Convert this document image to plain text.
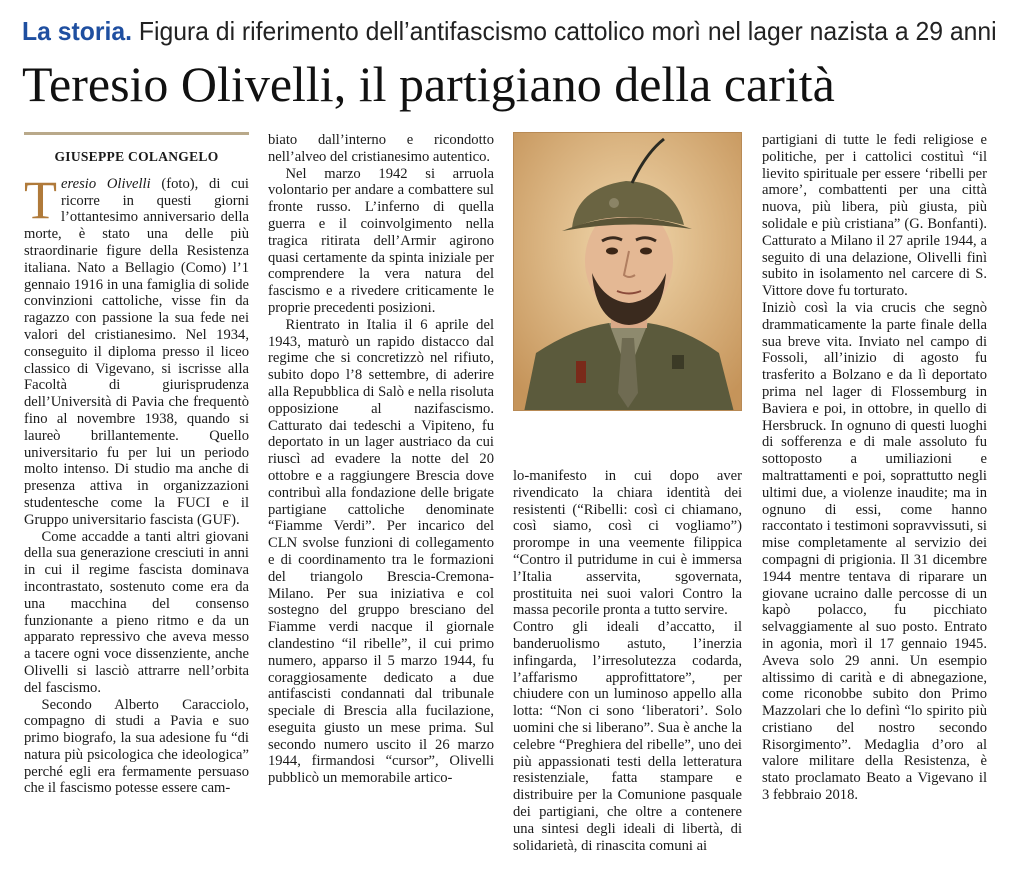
La storia. Figura di riferimento dell’antifascismo cattolico morì nel lager nazista a 29 anni
Teresio Olivelli, il partigiano della carità
GIUSEPPE COLANGELO

Teresio Olivelli (foto), di cui ricorre in questi giorni l’ottantesimo anniversario della morte, è stato una delle più straordinarie figure della Resistenza italiana. Nato a Bellagio (Como) l’1 gennaio 1916 in una famiglia di solide convinzioni cattoliche, visse fin da ragazzo con passione la sua fede nei valori del cristianesimo. Nel 1934, conseguito il diploma presso il liceo classico di Vigevano, si iscrisse alla Facoltà di giurisprudenza dell’Università di Pavia che frequentò fino al novembre 1938, quando si laureò brillantemente. Quello universitario fu per lui un periodo molto intenso. Di studio ma anche di presenza attiva in organizzazioni studentesche come la FUCI e il Gruppo universitario fascista (GUF).

Come accadde a tanti altri giovani della sua generazione cresciuti in anni in cui il regime fascista dominava incontrastato, sostenuto come era da una macchina del consenso funzionante a pieno ritmo e da un apparato repressivo che aveva messo a tacere ogni voce dissenziente, anche Olivelli si lasciò attrarre nell’orbita del fascismo.

Secondo Alberto Caracciolo, compagno di studi a Pavia e suo primo biografo, la sua adesione fu “di natura più psicologica che ideologica” perché egli era fermamente persuaso che il fascismo potesse essere cam-

biato dall’interno e ricondotto nell’alveo del cristianesimo autentico.

Nel marzo 1942 si arruola volontario per andare a combattere sul fronte russo. L’inferno di quella guerra e il coinvolgimento nella tragica ritirata dell’Armir agirono quasi certamente da spinta iniziale per comprendere la vera natura del fascismo e a rivedere criticamente le proprie precedenti posizioni.

Rientrato in Italia il 6 aprile del 1943, maturò un rapido distacco dal regime che si concretizzò nel rifiuto, subito dopo l’8 settembre, di aderire alla Repubblica di Salò e nella risoluta opposizione al nazifascismo. Catturato dai tedeschi a Vipiteno, fu deportato in un lager austriaco da cui riuscì ad evadere la notte del 20 ottobre e a raggiungere Brescia dove contribuì alla fondazione delle brigate partigiane cattoliche denominate “Fiamme Verdi”. Per incarico del CLN svolse funzioni di collegamento e di coordinamento tra le formazioni del triangolo Brescia-Cremona-Milano. Per sua iniziativa e col sostegno del gruppo bresciano del Fiamme verdi nacque il giornale clandestino “il ribelle”, il cui primo numero, apparso il 5 marzo 1944, fu coraggiosamente dedicato a due antifascisti condannati dal tribunale speciale di Brescia alla fucilazione, eseguita giusto un mese prima. Sul secondo numero uscito il 26 marzo 1944, firmandosi “cursor”, Olivelli pubblicò un memorabile artico-

lo-manifesto in cui dopo aver rivendicato la chiara identità dei resistenti (“Ribelli: così ci chiamano, così siamo, così ci vogliamo”) prorompe in una veemente filippica “Contro il putridume in cui è immersa l’Italia asservita, sgovernata, prostituita nei suoi valori Contro la massa pecorile pronta a tutto servire.

Contro gli ideali d’accatto, il banderuolismo astuto, l’inerzia infingarda, l’irresolutezza codarda, l’affarismo approfittatore”, per chiudere con un luminoso appello alla lotta: “Non ci sono ‘liberatori’. Solo uomini che si liberano”. Sua è anche la celebre “Preghiera del ribelle”, uno dei più appassionati testi della letteratura resistenziale, fatta stampare e distribuire per la Comunione pasquale dei partigiani, che oltre a contenere una sintesi degli ideali di libertà, di solidarietà, di rinascita comuni ai

partigiani di tutte le fedi religiose e politiche, per i cattolici costituì “il lievito spirituale per essere ‘ribelli per amore’, combattenti per una città nuova, più libera, più giusta, più solidale e più cristiana” (G. Bonfanti). Catturato a Milano il 27 aprile 1944, a seguito di una delazione, Olivelli finì subito in isolamento nel carcere di S. Vittore dove fu torturato.

Iniziò così la via crucis che segnò drammaticamente la parte finale della sua breve vita. Inviato nel campo di Fossoli, all’inizio di agosto fu trasferito a Bolzano e da lì deportato prima nel lager di Flossemburg in Baviera e poi, in ottobre, in quello di Hersbruck. In ognuno di questi luoghi di sofferenza e di male assoluto fu sottoposto a umiliazioni e maltrattamenti e poi, soprattutto negli ultimi due, a violenze inaudite; ma in ognuno di essi, come hanno raccontato i testimoni sopravvissuti, si mise completamente al servizio dei compagni di prigionia. Il 31 dicembre 1944 mentre tentava di riparare un giovane ucraino dalle percosse di un kapò polacco, fu picchiato selvaggiamente al suo posto. Entrato in agonia, morì il 17 gennaio 1945. Aveva solo 29 anni. Un esempio altissimo di carità e di abnegazione, come riconobbe subito don Primo Mazzolari che lo definì “lo spirito più cristiano del nostro secondo Risorgimento”. Medaglia d’oro al valore militare della Resistenza, è stato proclamato Beato a Vigevano il 3 febbraio 2018.
